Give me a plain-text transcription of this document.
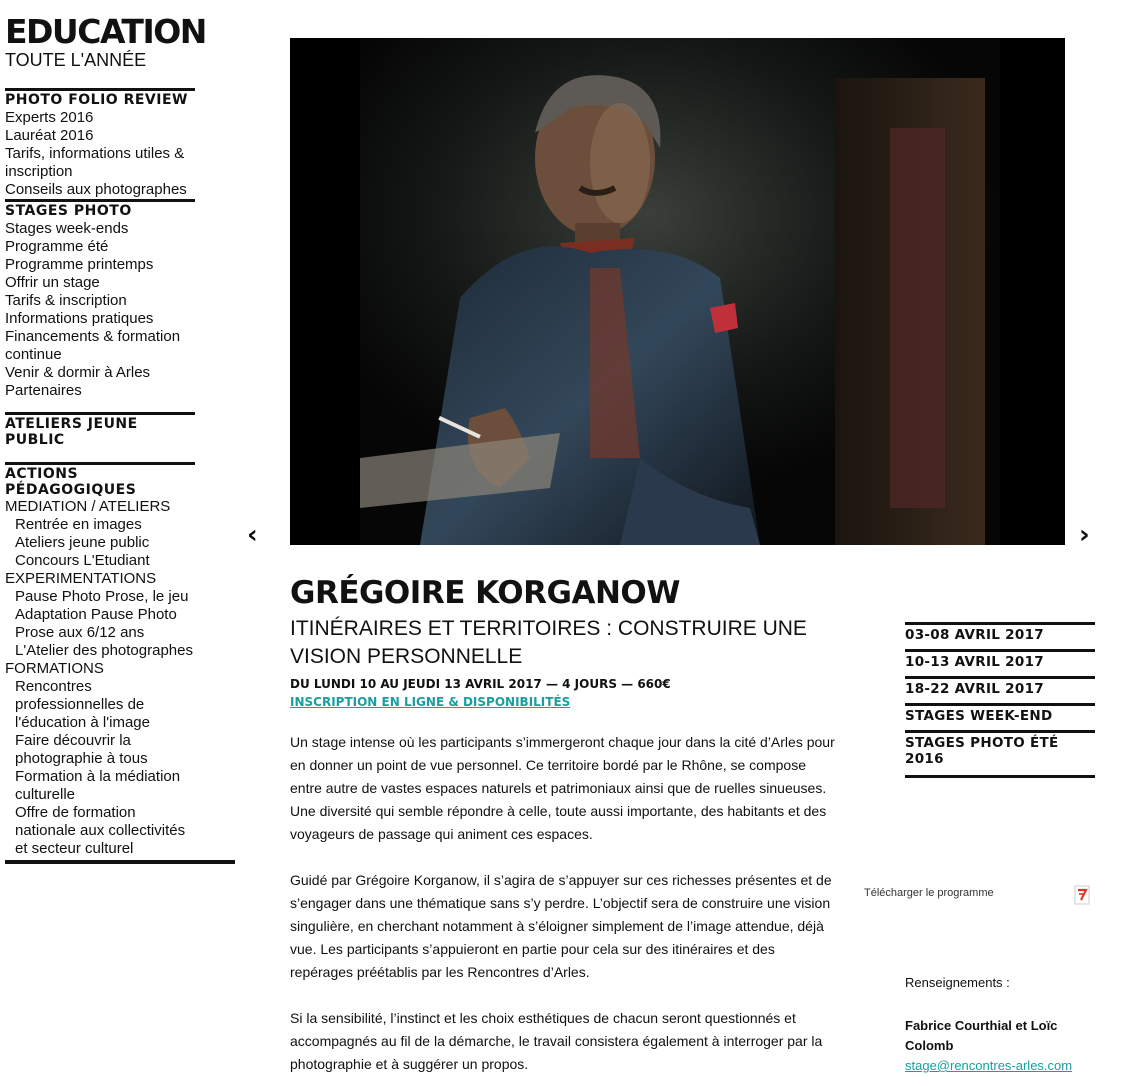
EDUCATION
TOUTE L'ANNÉE
PHOTO FOLIO REVIEW
Experts 2016
Lauréat 2016
Tarifs, informations utiles & inscription
Conseils aux photographes
STAGES PHOTO
Stages week-ends
Programme été
Programme printemps
Offrir un stage
Tarifs & inscription
Informations pratiques
Financements & formation continue
Venir & dormir à Arles
Partenaires
ATELIERS JEUNE PUBLIC
ACTIONS PÉDAGOGIQUES
MEDIATION / ATELIERS
Rentrée en images
Ateliers jeune public
Concours L'Etudiant
EXPERIMENTATIONS
Pause Photo Prose, le jeu
Adaptation Pause Photo Prose aux 6/12 ans
L'Atelier des photographes
FORMATIONS
Rencontres professionnelles de l'éducation à l'image
Faire découvrir la photographie à tous
Formation à la médiation culturelle
Offre de formation nationale aux collectivités et secteur culturel
‹	›
GRÉGOIRE KORGANOW
ITINÉRAIRES ET TERRITOIRES : CONSTRUIRE UNE VISION PERSONNELLE
DU LUNDI 10 AU JEUDI 13 AVRIL 2017 — 4 JOURS — 660€
INSCRIPTION EN LIGNE & DISPONIBILITÉS

Un stage intense où les participants s’immergeront chaque jour dans la cité d’Arles pour en donner un point de vue personnel. Ce territoire bordé par le Rhône, se compose entre autre de vastes espaces naturels et patrimoniaux ainsi que de ruelles sinueuses. Une diversité qui semble répondre à celle, toute aussi importante, des habitants et des voyageurs de passage qui animent ces espaces.

Guidé par Grégoire Korganow, il s’agira de s’appuyer sur ces richesses présentes et de s’engager dans une thématique sans s’y perdre. L’objectif sera de construire une vision singulière, en cherchant notamment à s’éloigner simplement de l’image attendue, déjà vue. Les participants s’appuieront en partie pour cela sur des itinéraires et des repérages préétablis par les Rencontres d’Arles.

Si la sensibilité, l’instinct et les choix esthétiques de chacun seront questionnés et accompagnés au fil de la démarche, le travail consistera également à interroger par la photographie et à suggérer un propos.

03-08 AVRIL 2017
10-13 AVRIL 2017
18-22 AVRIL 2017
STAGES WEEK-END
STAGES PHOTO ÉTÉ 2016
Télécharger le programme
Renseignements :
Fabrice Courthial et Loïc Colomb
stage@rencontres-arles.com
